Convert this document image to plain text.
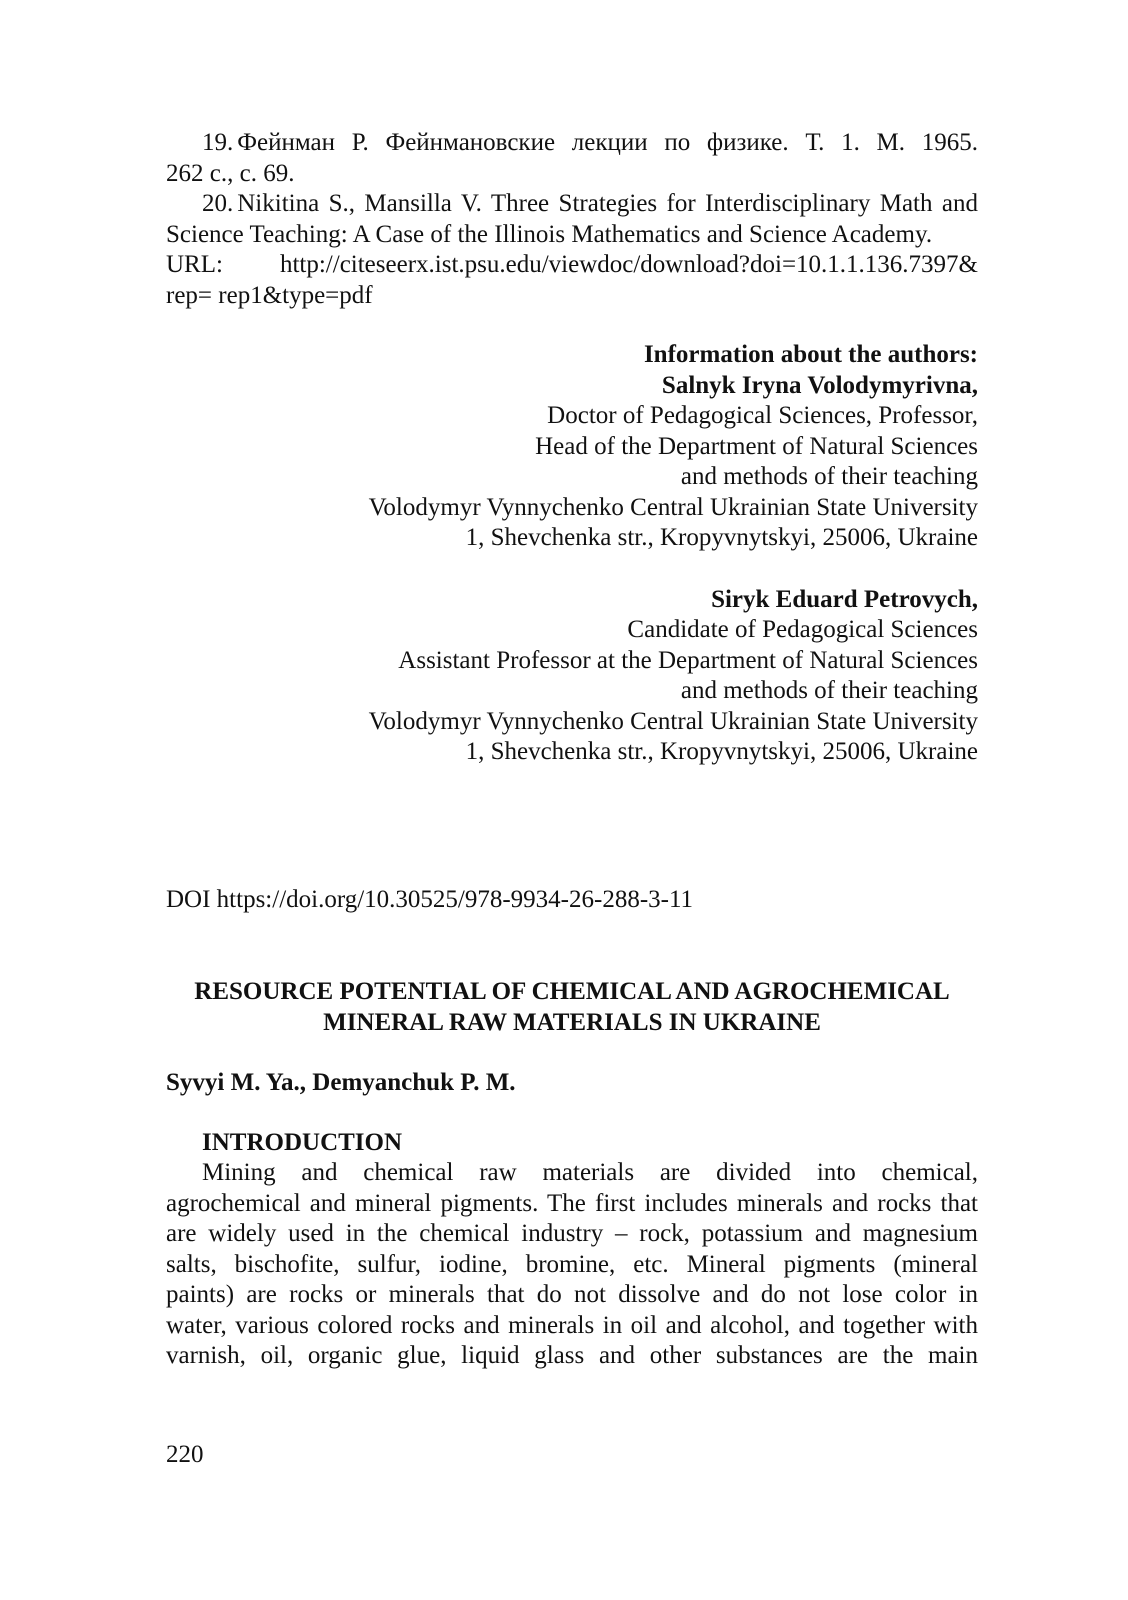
19. Фейнман Р. Фейнмановские лекции по физике. Т. 1. М. 1965.

262 с., с. 69.

20. Nikitina S., Mansilla V. Three Strategies for Interdisciplinary Math and Science Teaching: A Case of the Illinois Mathematics and Science Academy.

URL: http://citeseerx.ist.psu.edu/viewdoc/download?doi=10.1.1.136.7397&

rep= rep1&type=pdf

Information about the authors:

Salnyk Iryna Volodymyrivna,

Doctor of Pedagogical Sciences, Professor,

Head of the Department of Natural Sciences

and methods of their teaching

Volodymyr Vynnychenko Central Ukrainian State University

1, Shevchenka str., Kropyvnytskyi, 25006, Ukraine

Siryk Eduard Petrovych,

Candidate of Pedagogical Sciences

Assistant Professor at the Department of Natural Sciences

and methods of their teaching

Volodymyr Vynnychenko Central Ukrainian State University

1, Shevchenka str., Kropyvnytskyi, 25006, Ukraine

DOI https://doi.org/10.30525/978-9934-26-288-3-11

RESOURCE POTENTIAL OF CHEMICAL AND AGROCHEMICAL
MINERAL RAW MATERIALS IN UKRAINE

Syvyi M. Ya., Demyanchuk P. M.

INTRODUCTION

Mining and chemical raw materials are divided into chemical,
agrochemical and mineral pigments. The first includes minerals and rocks that
are widely used in the chemical industry – rock, potassium and magnesium
salts, bischofite, sulfur, iodine, bromine, etc. Mineral pigments (mineral
paints) are rocks or minerals that do not dissolve and do not lose color in
water, various colored rocks and minerals in oil and alcohol, and together with
varnish, oil, organic glue, liquid glass and other substances are the main

220
